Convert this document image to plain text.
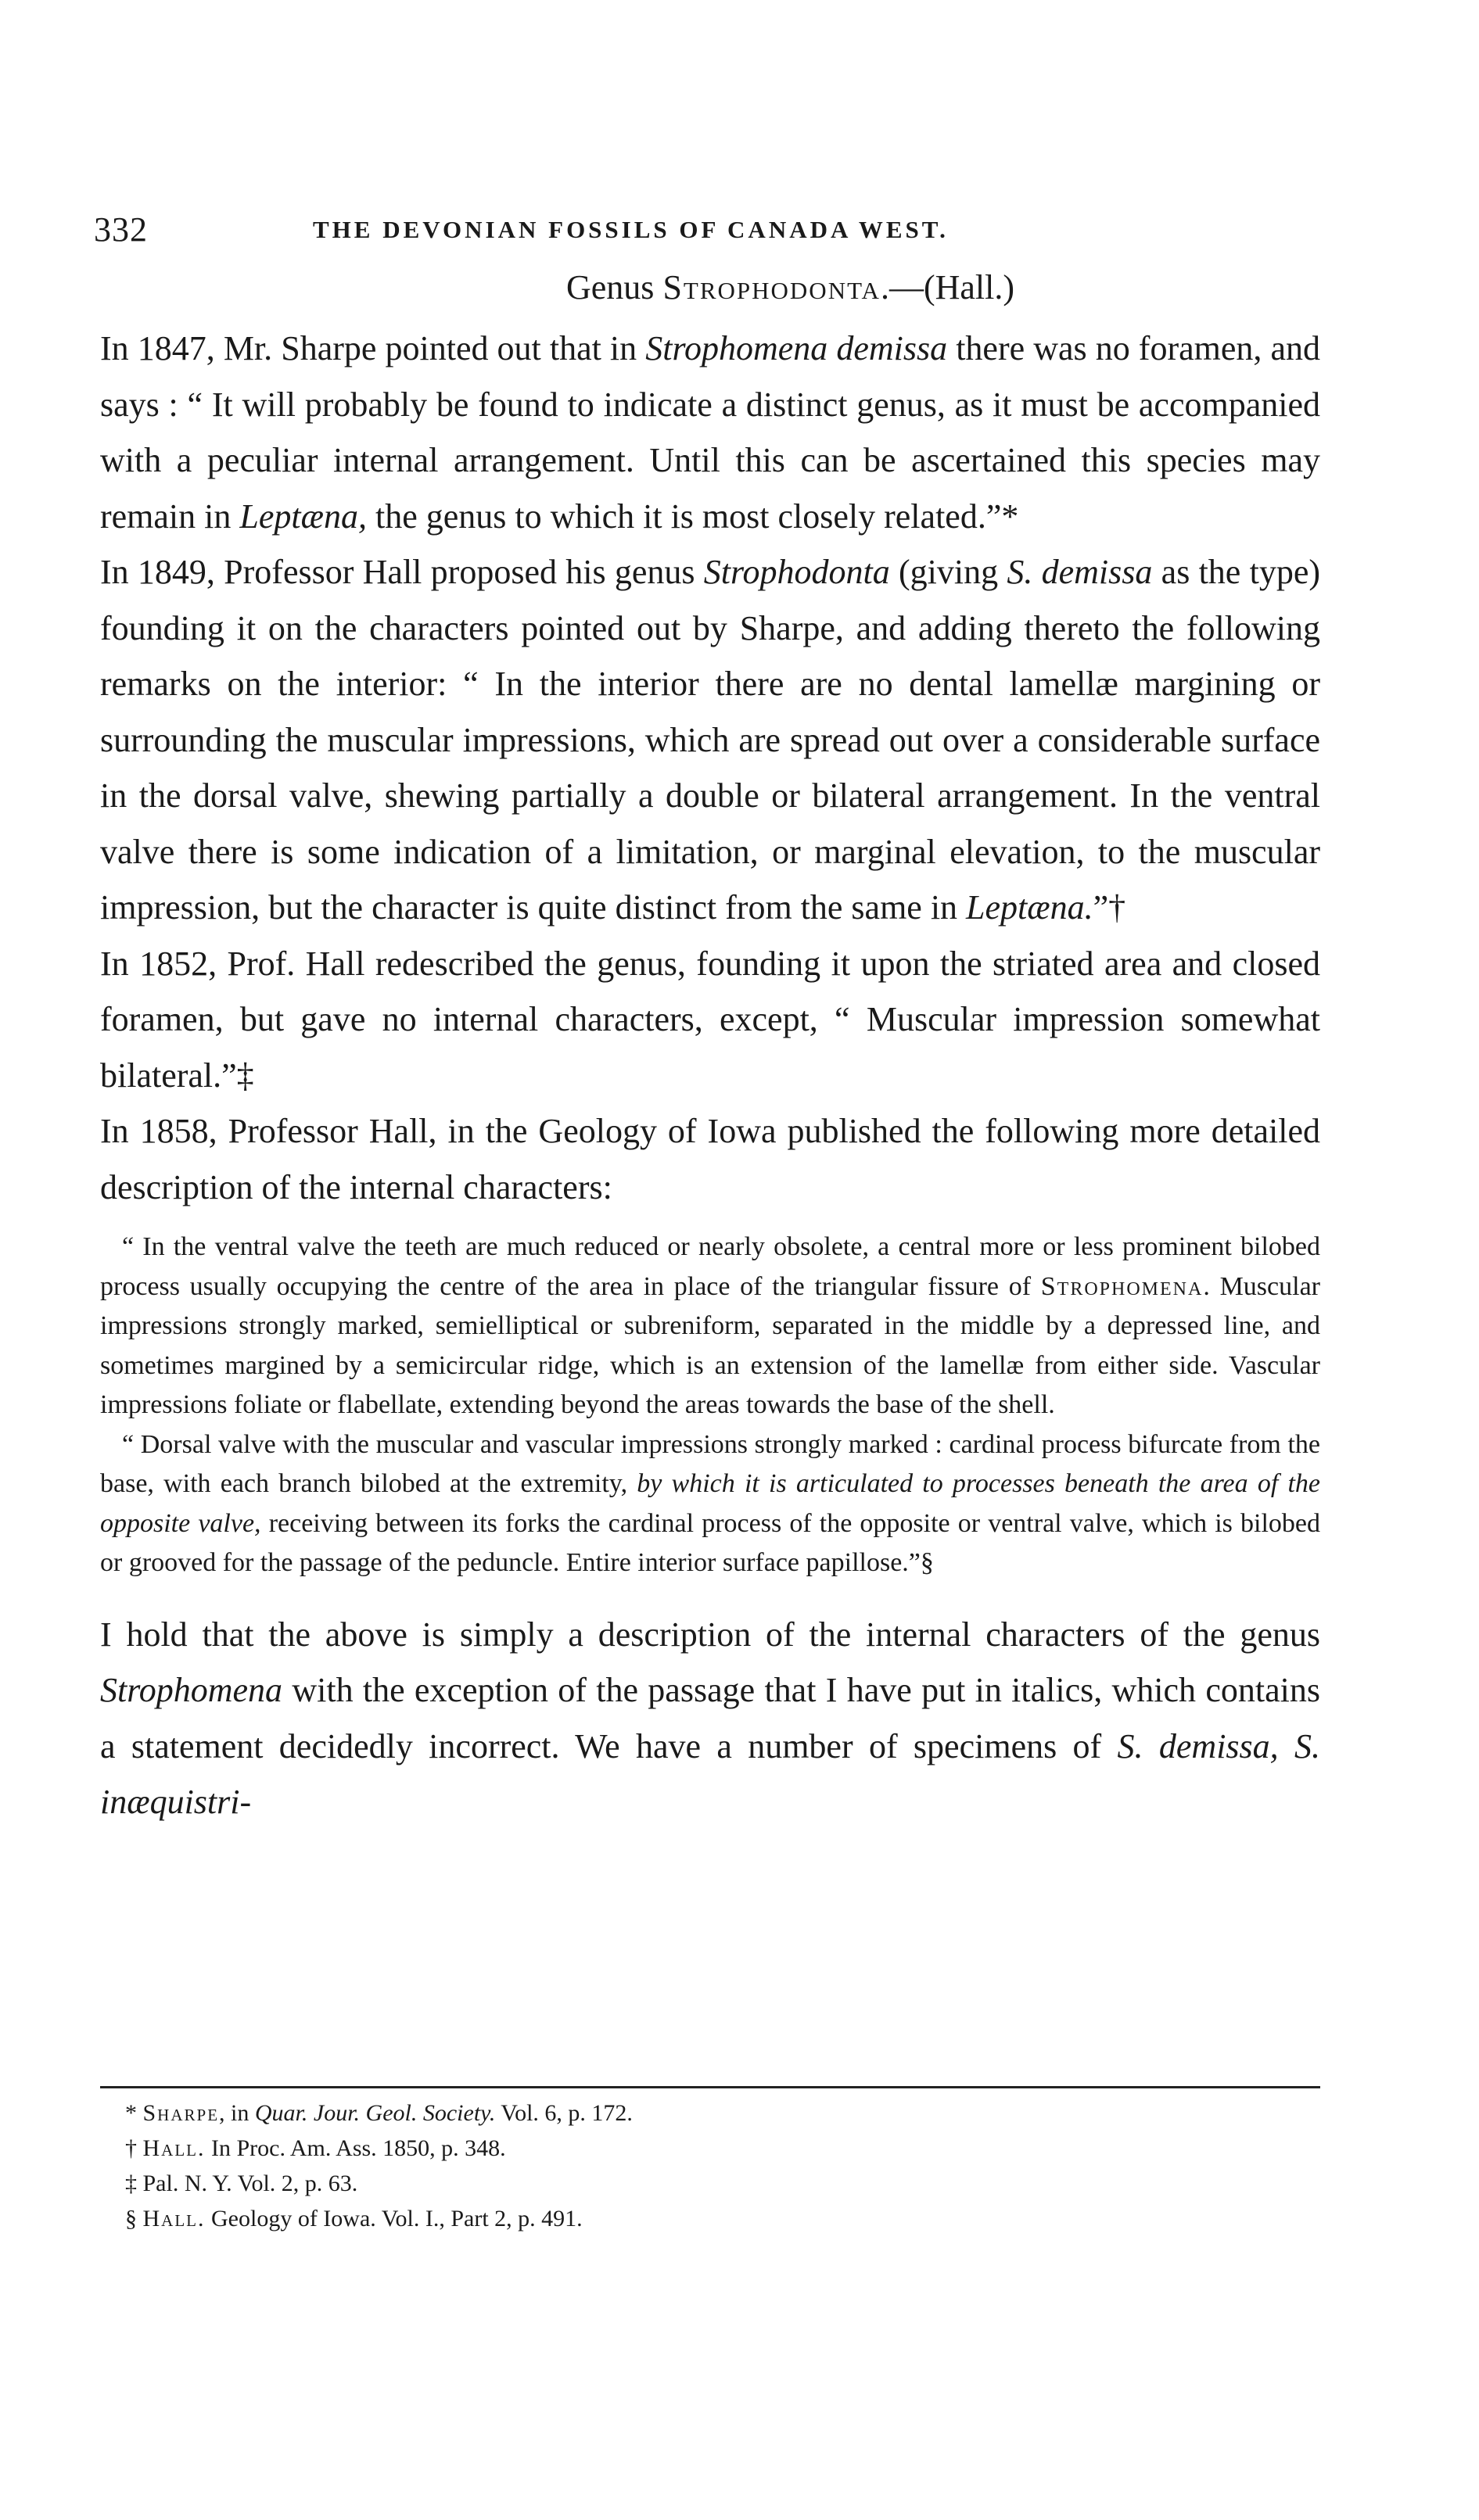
332	THE DEVONIAN FOSSILS OF CANADA WEST.
Genus Strophodonta.—(Hall.)

In 1847, Mr. Sharpe pointed out that in Strophomena demissa there was no foramen, and says : “ It will probably be found to indicate a distinct genus, as it must be accompanied with a peculiar internal arrangement. Until this can be ascertained this species may remain in Leptæna, the genus to which it is most closely related.”*

In 1849, Professor Hall proposed his genus Strophodonta (giving S. demissa as the type) founding it on the characters pointed out by Sharpe, and adding thereto the following remarks on the interior: “ In the interior there are no dental lamellæ margining or surrounding the muscular impressions, which are spread out over a considerable surface in the dorsal valve, shewing partially a double or bilateral arrangement. In the ventral valve there is some indication of a limitation, or marginal elevation, to the muscular impression, but the character is quite distinct from the same in Leptæna.”†

In 1852, Prof. Hall redescribed the genus, founding it upon the striated area and closed foramen, but gave no internal characters, except, “ Muscular impression somewhat bilateral.”‡

In 1858, Professor Hall, in the Geology of Iowa published the following more detailed description of the internal characters:

“ In the ventral valve the teeth are much reduced or nearly obsolete, a central more or less prominent bilobed process usually occupying the centre of the area in place of the triangular fissure of Strophomena. Muscular impressions strongly marked, semielliptical or subreniform, separated in the middle by a depressed line, and sometimes margined by a semicircular ridge, which is an extension of the lamellæ from either side. Vascular impressions foliate or flabellate, extending beyond the areas towards the base of the shell.

“ Dorsal valve with the muscular and vascular impressions strongly marked : cardinal process bifurcate from the base, with each branch bilobed at the extremity, by which it is articulated to processes beneath the area of the opposite valve, receiving between its forks the cardinal process of the opposite or ventral valve, which is bilobed or grooved for the passage of the peduncle. Entire interior surface papillose.”§

I hold that the above is simply a description of the internal characters of the genus Strophomena with the exception of the passage that I have put in italics, which contains a statement decidedly incorrect. We have a number of specimens of S. demissa, S. inæquistri-

* Sharpe, in Quar. Jour. Geol. Society. Vol. 6, p. 172.
† Hall. In Proc. Am. Ass. 1850, p. 348.
‡ Pal. N. Y. Vol. 2, p. 63.
§ Hall. Geology of Iowa. Vol. I., Part 2, p. 491.
